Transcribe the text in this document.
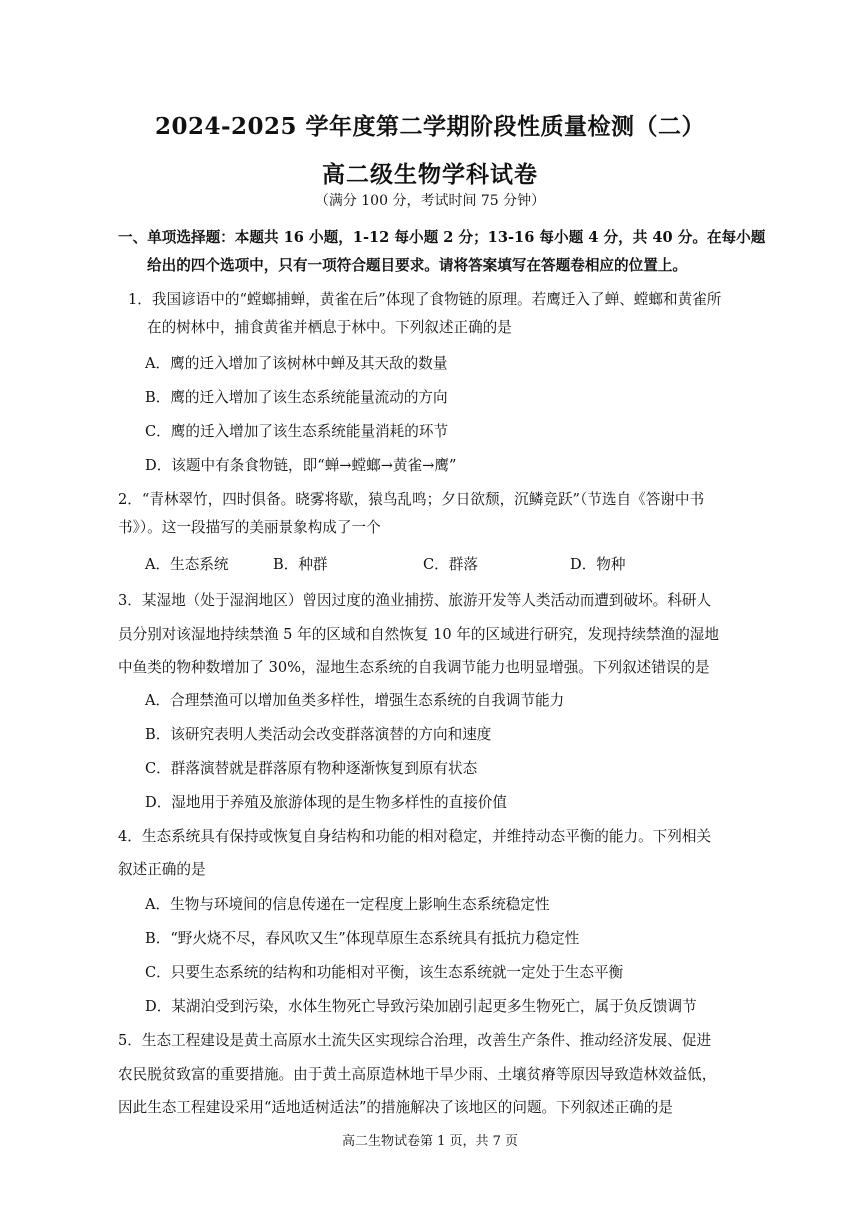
2024-2025 学年度第二学期阶段性质量检测（二）
高二级生物学科试卷
（满分 100 分，考试时间 75 分钟）
一、单项选择题：本题共 16 小题，1-12 每小题 2 分；13-16 每小题 4 分，共 40 分。在每小题
给出的四个选项中，只有一项符合题目要求。请将答案填写在答题卷相应的位置上。
1．我国谚语中的“螳螂捕蝉，黄雀在后”体现了食物链的原理。若鹰迁入了蝉、螳螂和黄雀所
在的树林中，捕食黄雀并栖息于林中。下列叙述正确的是
A．鹰的迁入增加了该树林中蝉及其天敌的数量
B．鹰的迁入增加了该生态系统能量流动的方向
C．鹰的迁入增加了该生态系统能量消耗的环节
D．该题中有条食物链，即“蝉→螳螂→黄雀→鹰”
2．“青林翠竹，四时俱备。晓雾将歇，猿鸟乱鸣；夕日欲颓，沉鳞竞跃”（节选自《答谢中书
书》）。这一段描写的美丽景象构成了一个
A．生态系统	B．种群	C．群落	D．物种
3．某湿地（处于湿润地区）曾因过度的渔业捕捞、旅游开发等人类活动而遭到破坏。科研人
员分别对该湿地持续禁渔 5 年的区域和自然恢复 10 年的区域进行研究，发现持续禁渔的湿地
中鱼类的物种数增加了 30%，湿地生态系统的自我调节能力也明显增强。下列叙述错误的是
A．合理禁渔可以增加鱼类多样性，增强生态系统的自我调节能力
B．该研究表明人类活动会改变群落演替的方向和速度
C．群落演替就是群落原有物种逐渐恢复到原有状态
D．湿地用于养殖及旅游体现的是生物多样性的直接价值
4．生态系统具有保持或恢复自身结构和功能的相对稳定，并维持动态平衡的能力。下列相关
叙述正确的是
A．生物与环境间的信息传递在一定程度上影响生态系统稳定性
B．“野火烧不尽，春风吹又生”体现草原生态系统具有抵抗力稳定性
C．只要生态系统的结构和功能相对平衡，该生态系统就一定处于生态平衡
D．某湖泊受到污染，水体生物死亡导致污染加剧引起更多生物死亡，属于负反馈调节
5．生态工程建设是黄土高原水土流失区实现综合治理，改善生产条件、推动经济发展、促进
农民脱贫致富的重要措施。由于黄土高原造林地干旱少雨、土壤贫瘠等原因导致造林效益低，
因此生态工程建设采用“适地适树适法”的措施解决了该地区的问题。下列叙述正确的是
高二生物试卷第 1 页，共 7 页
